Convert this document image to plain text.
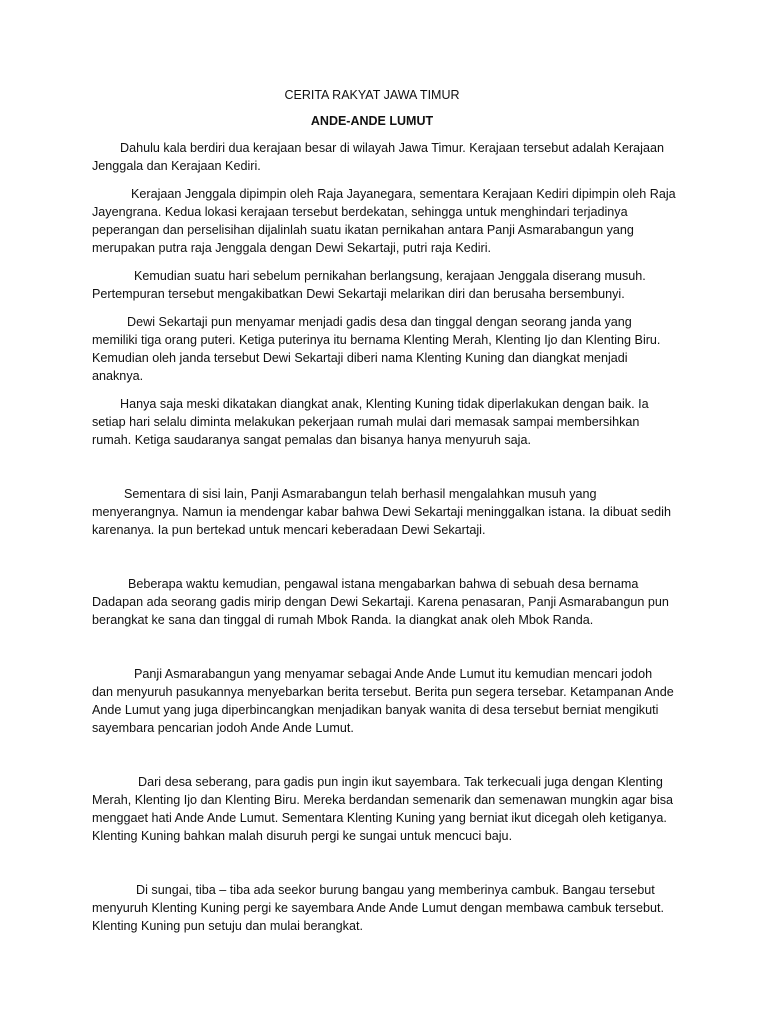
CERITA RAKYAT JAWA TIMUR

ANDE-ANDE LUMUT

Dahulu kala berdiri dua kerajaan besar di wilayah Jawa Timur. Kerajaan tersebut adalah Kerajaan Jenggala dan Kerajaan Kediri.

Kerajaan Jenggala dipimpin oleh Raja Jayanegara, sementara Kerajaan Kediri dipimpin oleh Raja Jayengrana. Kedua lokasi kerajaan tersebut berdekatan, sehingga untuk menghindari terjadinya peperangan dan perselisihan dijalinlah suatu ikatan pernikahan antara Panji Asmarabangun yang merupakan putra raja Jenggala dengan Dewi Sekartaji, putri raja Kediri.

Kemudian suatu hari sebelum pernikahan berlangsung, kerajaan Jenggala diserang musuh. Pertempuran tersebut mengakibatkan Dewi Sekartaji melarikan diri dan berusaha bersembunyi.

Dewi Sekartaji pun menyamar menjadi gadis desa dan tinggal dengan seorang janda yang memiliki tiga orang puteri. Ketiga puterinya itu bernama Klenting Merah, Klenting Ijo dan Klenting Biru. Kemudian oleh janda tersebut Dewi Sekartaji diberi nama Klenting Kuning dan diangkat menjadi anaknya.

Hanya saja meski dikatakan diangkat anak, Klenting Kuning tidak diperlakukan dengan baik. Ia setiap hari selalu diminta melakukan pekerjaan rumah mulai dari memasak sampai membersihkan rumah. Ketiga saudaranya sangat pemalas dan bisanya hanya menyuruh saja.

Sementara di sisi lain, Panji Asmarabangun telah berhasil mengalahkan musuh yang menyerangnya. Namun ia mendengar kabar bahwa Dewi Sekartaji meninggalkan istana. Ia dibuat sedih karenanya. Ia pun bertekad untuk mencari keberadaan Dewi Sekartaji.

Beberapa waktu kemudian, pengawal istana mengabarkan bahwa di sebuah desa bernama Dadapan ada seorang gadis mirip dengan Dewi Sekartaji. Karena penasaran, Panji Asmarabangun pun berangkat ke sana dan tinggal di rumah Mbok Randa. Ia diangkat anak oleh Mbok Randa.

Panji Asmarabangun yang menyamar sebagai Ande Ande Lumut itu kemudian mencari jodoh dan menyuruh pasukannya menyebarkan berita tersebut. Berita pun segera tersebar. Ketampanan Ande Ande Lumut yang juga diperbincangkan menjadikan banyak wanita di desa tersebut berniat mengikuti sayembara pencarian jodoh Ande Ande Lumut.

Dari desa seberang, para gadis pun ingin ikut sayembara. Tak terkecuali juga dengan Klenting Merah, Klenting Ijo dan Klenting Biru. Mereka berdandan semenarik dan semenawan mungkin agar bisa menggaet hati Ande Ande Lumut. Sementara Klenting Kuning yang berniat ikut dicegah oleh ketiganya. Klenting Kuning bahkan malah disuruh pergi ke sungai untuk mencuci baju.

Di sungai, tiba – tiba ada seekor burung bangau yang memberinya cambuk. Bangau tersebut menyuruh Klenting Kuning pergi ke sayembara Ande Ande Lumut dengan membawa cambuk tersebut. Klenting Kuning pun setuju dan mulai berangkat.
